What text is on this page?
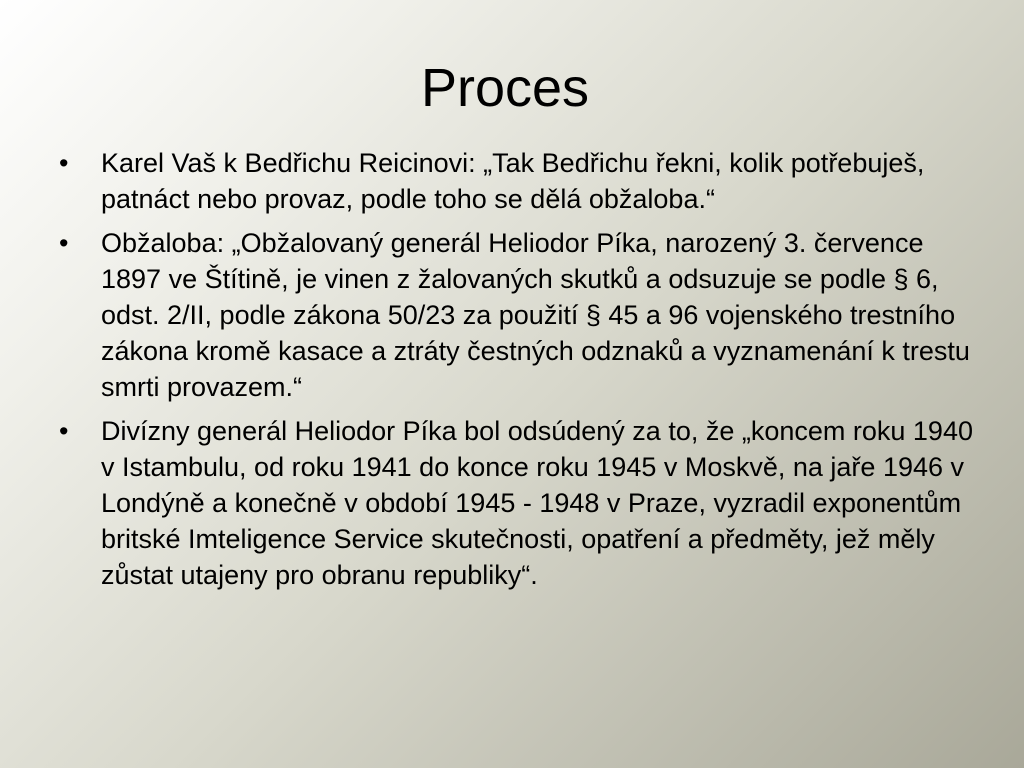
Proces
•	Karel Vaš k Bedřichu Reicinovi: „Tak Bedřichu řekni, kolik potřebuješ, patnáct nebo provaz, podle toho se dělá obžaloba.“
•	Obžaloba: „Obžalovaný generál Heliodor Píka, narozený 3. července 1897 ve Štítině, je vinen z žalovaných skutků a odsuzuje se podle § 6, odst. 2/II, podle zákona 50/23 za použití § 45 a 96 vojenského trestního zákona kromě kasace a ztráty čestných odznaků a vyznamenání k trestu smrti provazem.“
•	Divízny generál Heliodor Píka bol odsúdený za to, že „koncem roku 1940 v Istambulu, od roku 1941 do konce roku 1945 v Moskvě, na jaře 1946 v Londýně a konečně v období 1945 - 1948 v Praze, vyzradil exponentům britské Imteligence Service skutečnosti, opatření a předměty, jež měly zůstat utajeny pro obranu republiky“.
